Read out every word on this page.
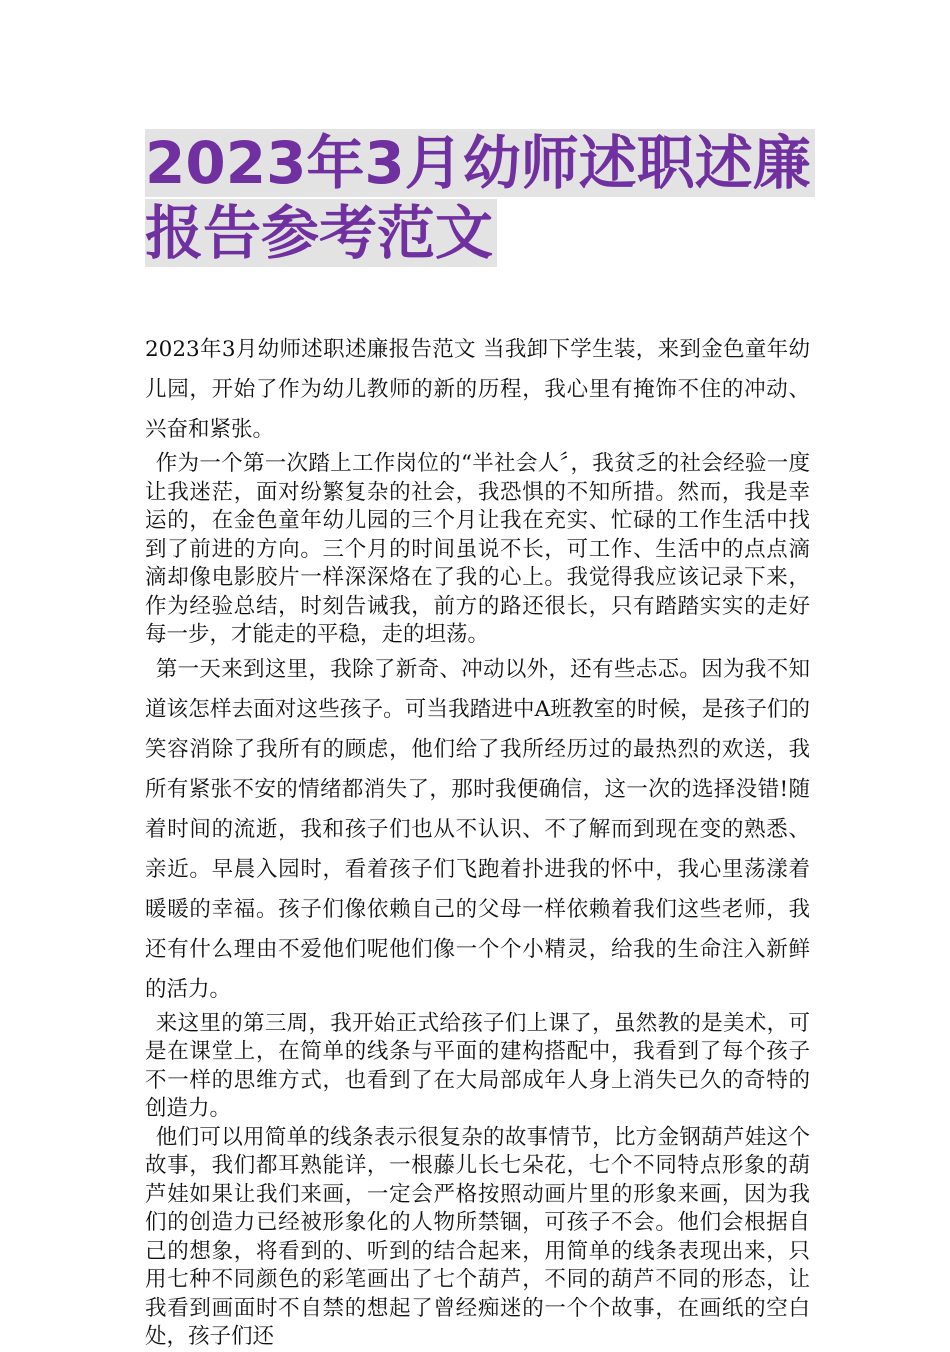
2023年3月幼师述职述廉报告参考范文

2023年3月幼师述职述廉报告范文 当我卸下学生装，来到金色童年幼儿园，开始了作为幼儿教师的新的历程，我心里有掩饰不住的冲动、兴奋和紧张。

作为一个第一次踏上工作岗位的“半社会人〞，我贫乏的社会经验一度让我迷茫，面对纷繁复杂的社会，我恐惧的不知所措。然而，我是幸运的，在金色童年幼儿园的三个月让我在充实、忙碌的工作生活中找到了前进的方向。三个月的时间虽说不长，可工作、生活中的点点滴滴却像电影胶片一样深深烙在了我的心上。我觉得我应该记录下来，作为经验总结，时刻告诫我，前方的路还很长，只有踏踏实实的走好每一步，才能走的平稳，走的坦荡。

第一天来到这里，我除了新奇、冲动以外，还有些忐忑。因为我不知道该怎样去面对这些孩子。可当我踏进中A班教室的时候，是孩子们的笑容消除了我所有的顾虑，他们给了我所经历过的最热烈的欢送，我所有紧张不安的情绪都消失了，那时我便确信，这一次的选择没错!随着时间的流逝，我和孩子们也从不认识、不了解而到现在变的熟悉、亲近。早晨入园时，看着孩子们飞跑着扑进我的怀中，我心里荡漾着暖暖的幸福。孩子们像依赖自己的父母一样依赖着我们这些老师，我还有什么理由不爱他们呢他们像一个个小精灵，给我的生命注入新鲜的活力。

来这里的第三周，我开始正式给孩子们上课了，虽然教的是美术，可是在课堂上，在简单的线条与平面的建构搭配中，我看到了每个孩子不一样的思维方式，也看到了在大局部成年人身上消失已久的奇特的创造力。

他们可以用简单的线条表示很复杂的故事情节，比方金钢葫芦娃这个故事，我们都耳熟能详，一根藤儿长七朵花，七个不同特点形象的葫芦娃如果让我们来画，一定会严格按照动画片里的形象来画，因为我们的创造力已经被形象化的人物所禁锢，可孩子不会。他们会根据自己的想象，将看到的、听到的结合起来，用简单的线条表现出来，只用七种不同颜色的彩笔画出了七个葫芦，不同的葫芦不同的形态，让我看到画面时不自禁的想起了曾经痴迷的一个个故事，在画纸的空白处，孩子们还
